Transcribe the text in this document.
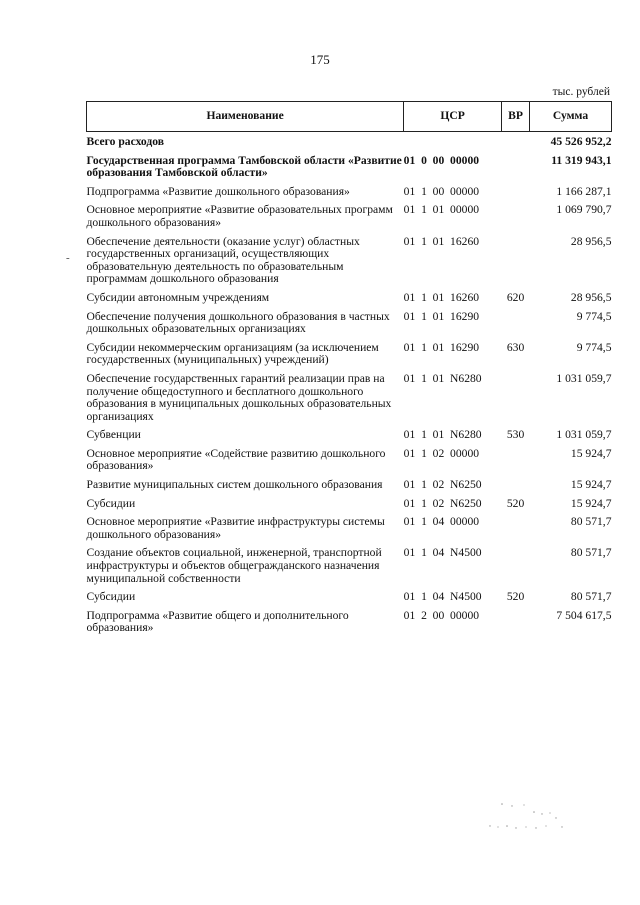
175
тыс. рублей
-
Наименование	ЦСР	ВР	Сумма
Всего расходов			45 526 952,2
Государственная программа Тамбовской области «Развитие образования Тамбовской области»	01  0  00  00000		11 319 943,1
Подпрограмма «Развитие дошкольного образования»	01  1  00  00000		1 166 287,1
Основное мероприятие «Развитие образовательных программ дошкольного образования»	01  1  01  00000		1 069 790,7
Обеспечение деятельности (оказание услуг) областных государственных организаций, осуществляющих образовательную деятельность по образовательным программам дошкольного образования	01  1  01  16260		28 956,5
Субсидии автономным учреждениям	01  1  01  16260	620	28 956,5
Обеспечение получения дошкольного образования в частных дошкольных образовательных организациях	01  1  01  16290		9 774,5
Субсидии некоммерческим организациям (за исключением государственных (муниципальных) учреждений)	01  1  01  16290	630	9 774,5
Обеспечение государственных гарантий реализации прав на получение общедоступного и бесплатного дошкольного образования в муниципальных дошкольных образовательных организациях	01  1  01  N6280		1 031 059,7
Субвенции	01  1  01  N6280	530	1 031 059,7
Основное мероприятие «Содействие развитию дошкольного образования»	01  1  02  00000		15 924,7
Развитие муниципальных систем дошкольного образования	01  1  02  N6250		15 924,7
Субсидии	01  1  02  N6250	520	15 924,7
Основное мероприятие «Развитие инфраструктуры системы дошкольного образования»	01  1  04  00000		80 571,7
Создание объектов социальной, инженерной, транспортной инфраструктуры и объектов общегражданского назначения муниципальной собственности	01  1  04  N4500		80 571,7
Субсидии	01  1  04  N4500	520	80 571,7
Подпрограмма «Развитие общего и дополнительного образования»	01  2  00  00000		7 504 617,5
